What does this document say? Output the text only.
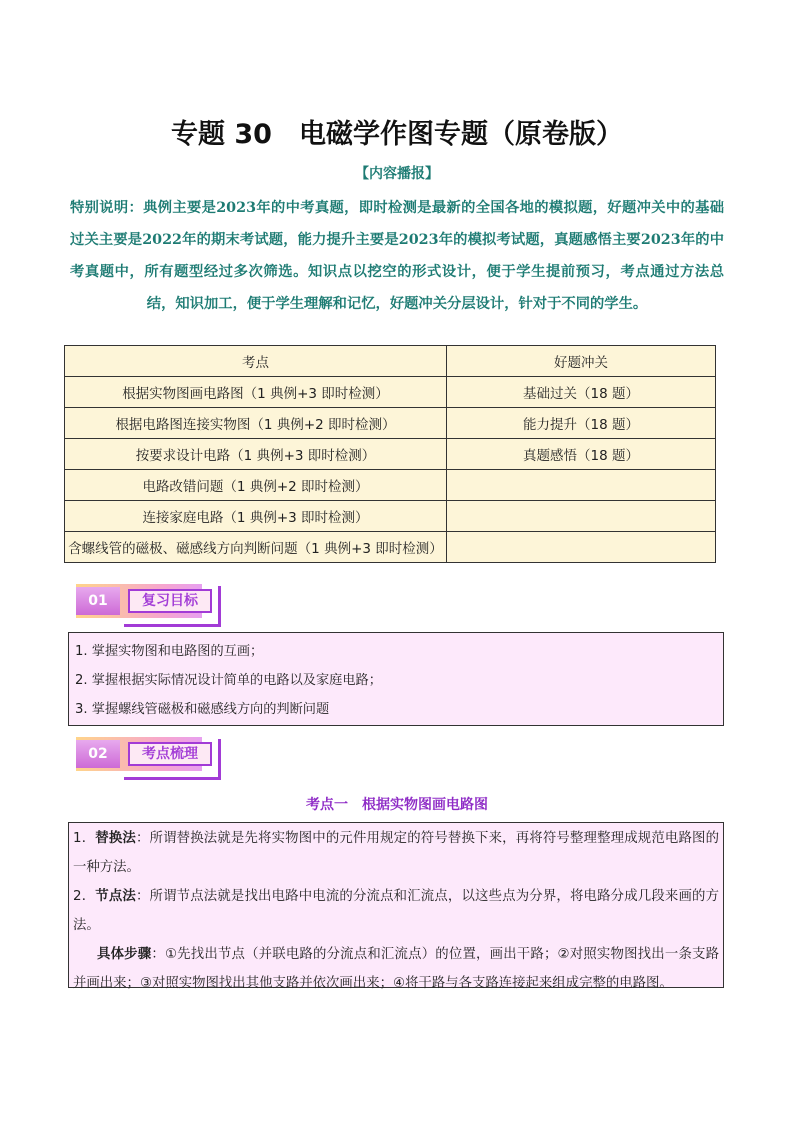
专题 30　电磁学作图专题（原卷版）
【内容播报】
特别说明：典例主要是2023年的中考真题，即时检测是最新的全国各地的模拟题，好题冲关中的基础过关主要是2022年的期末考试题，能力提升主要是2023年的模拟考试题，真题感悟主要2023年的中考真题中，所有题型经过多次筛选。知识点以挖空的形式设计，便于学生提前预习，考点通过方法总结，知识加工，便于学生理解和记忆，好题冲关分层设计，针对于不同的学生。
考点	好题冲关
根据实物图画电路图（1 典例+3 即时检测）	基础过关（18 题）
根据电路图连接实物图（1 典例+2 即时检测）	能力提升（18 题）
按要求设计电路（1 典例+3 即时检测）	真题感悟（18 题）
电路改错问题（1 典例+2 即时检测）	
连接家庭电路（1 典例+3 即时检测）	
含螺线管的磁极、磁感线方向判断问题（1 典例+3 即时检测）	
01	复习目标
1. 掌握实物图和电路图的互画；
2. 掌握根据实际情况设计简单的电路以及家庭电路；
3. 掌握螺线管磁极和磁感线方向的判断问题
02	考点梳理
考点一　根据实物图画电路图

1．替换法：所谓替换法就是先将实物图中的元件用规定的符号替换下来，再将符号整理整理成规范电路图的一种方法。

2．节点法：所谓节点法就是找出电路中电流的分流点和汇流点，以这些点为分界，将电路分成几段来画的方法。

具体步骤：①先找出节点（并联电路的分流点和汇流点）的位置，画出干路；②对照实物图找出一条支路并画出来；③对照实物图找出其他支路并依次画出来；④将干路与各支路连接起来组成完整的电路图。
